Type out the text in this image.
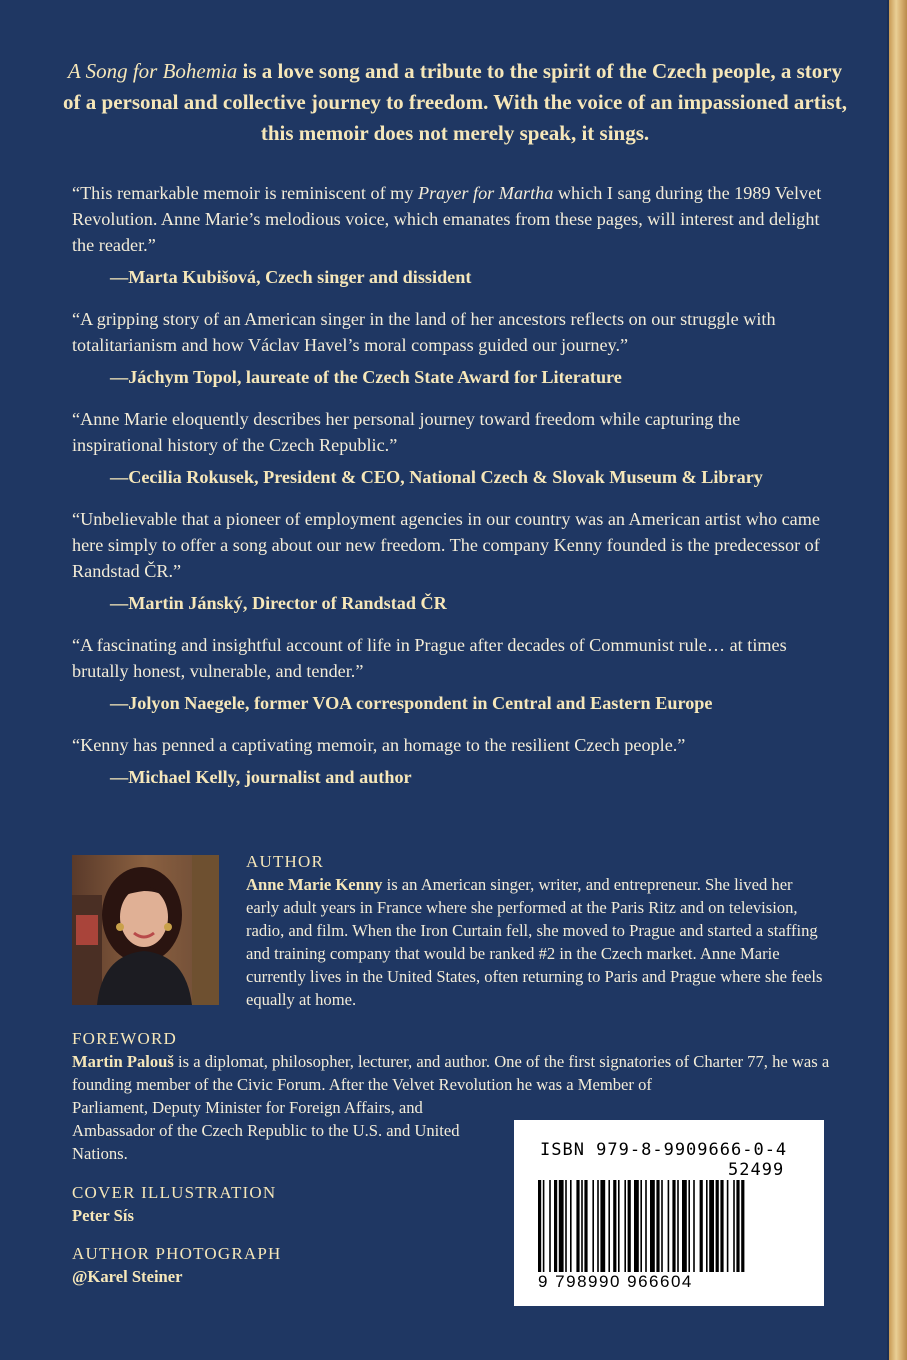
A Song for Bohemia is a love song and a tribute to the spirit of the Czech people, a story of a personal and collective journey to freedom. With the voice of an impassioned artist, this memoir does not merely speak, it sings.
“This remarkable memoir is reminiscent of my Prayer for Martha which I sang during the 1989 Velvet Revolution. Anne Marie’s melodious voice, which emanates from these pages, will interest and delight the reader.”
—Marta Kubišová, Czech singer and dissident
“A gripping story of an American singer in the land of her ancestors reflects on our struggle with totalitarianism and how Václav Havel’s moral compass guided our journey.”
—Jáchym Topol, laureate of the Czech State Award for Literature
“Anne Marie eloquently describes her personal journey toward freedom while capturing the inspirational history of the Czech Republic.”
—Cecilia Rokusek, President & CEO, National Czech & Slovak Museum & Library
“Unbelievable that a pioneer of employment agencies in our country was an American artist who came here simply to offer a song about our new freedom. The company Kenny founded is the predecessor of Randstad ČR.”
—Martin Jánský, Director of Randstad ČR
“A fascinating and insightful account of life in Prague after decades of Communist rule… at times brutally honest, vulnerable, and tender.”
—Jolyon Naegele, former VOA correspondent in Central and Eastern Europe
“Kenny has penned a captivating memoir, an homage to the resilient Czech people.”
—Michael Kelly, journalist and author
AUTHOR
Anne Marie Kenny is an American singer, writer, and entrepreneur. She lived her early adult years in France where she performed at the Paris Ritz and on television, radio, and film. When the Iron Curtain fell, she moved to Prague and started a staffing and training company that would be ranked #2 in the Czech market. Anne Marie currently lives in the United States, often returning to Paris and Prague where she feels equally at home.
FOREWORD
Martin Palouš is a diplomat, philosopher, lecturer, and author. One of the first signatories of Charter 77, he was a founding member of the Civic Forum. After the Velvet Revolution he was a Member of
Parliament, Deputy Minister for Foreign Affairs, and Ambassador of the Czech Republic to the U.S. and United Nations.
COVER ILLUSTRATION
Peter Sís
AUTHOR PHOTOGRAPH
@Karel Steiner
ISBN 979-8-9909666-0-4
52499
9 798990 966604
